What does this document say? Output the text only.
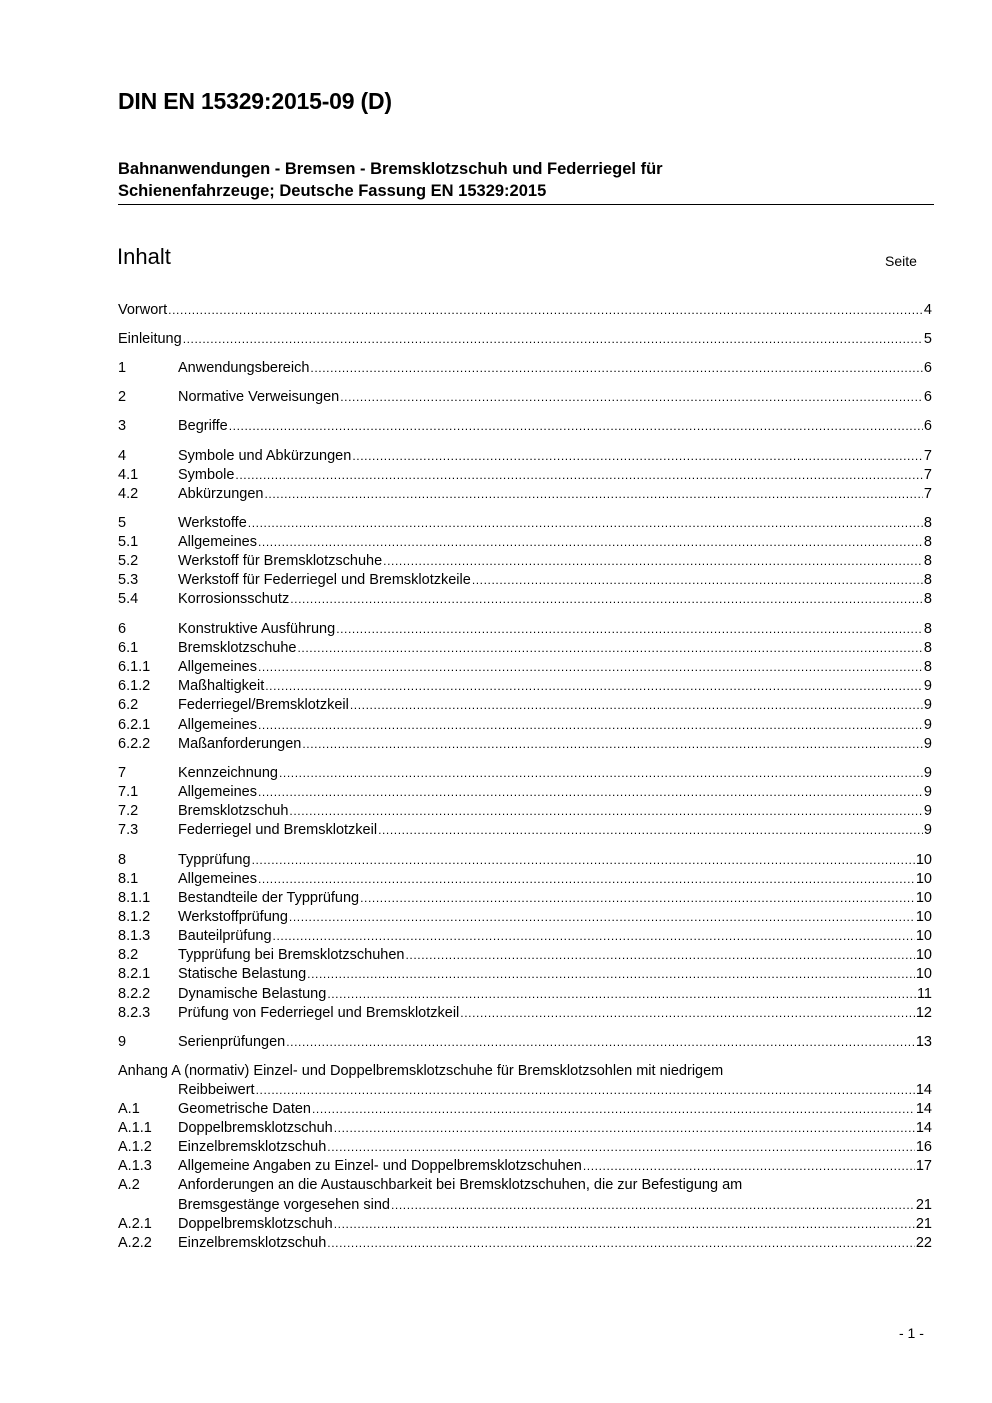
DIN EN 15329:2015-09 (D)
Bahnanwendungen - Bremsen - Bremsklotzschuh und Federriegel für
Schienenfahrzeuge; Deutsche Fassung EN 15329:2015
Inhalt	Seite
Vorwort .....	4
Einleitung .....	5
1	Anwendungsbereich .....	6
2	Normative Verweisungen .....	6
3	Begriffe .....	6
4	Symbole und Abkürzungen .....	7
4.1	Symbole .....	7
4.2	Abkürzungen .....	7
5	Werkstoffe .....	8
5.1	Allgemeines .....	8
5.2	Werkstoff für Bremsklotzschuhe .....	8
5.3	Werkstoff für Federriegel und Bremsklotzkeile .....	8
5.4	Korrosionsschutz .....	8
6	Konstruktive Ausführung .....	8
6.1	Bremsklotzschuhe .....	8
6.1.1	Allgemeines .....	8
6.1.2	Maßhaltigkeit .....	9
6.2	Federriegel/Bremsklotzkeil .....	9
6.2.1	Allgemeines .....	9
6.2.2	Maßanforderungen .....	9
7	Kennzeichnung .....	9
7.1	Allgemeines .....	9
7.2	Bremsklotzschuh .....	9
7.3	Federriegel und Bremsklotzkeil .....	9
8	Typprüfung .....	10
8.1	Allgemeines .....	10
8.1.1	Bestandteile der Typprüfung .....	10
8.1.2	Werkstoffprüfung .....	10
8.1.3	Bauteilprüfung .....	10
8.2	Typprüfung bei Bremsklotzschuhen .....	10
8.2.1	Statische Belastung .....	10
8.2.2	Dynamische Belastung .....	11
8.2.3	Prüfung von Federriegel und Bremsklotzkeil .....	12
9	Serienprüfungen .....	13
Anhang A (normativ) Einzel- und Doppelbremsklotzschuhe für Bremsklotzsohlen mit niedrigem
Reibbeiwert .....	14
A.1	Geometrische Daten .....	14
A.1.1	Doppelbremsklotzschuh .....	14
A.1.2	Einzelbremsklotzschuh .....	16
A.1.3	Allgemeine Angaben zu Einzel- und Doppelbremsklotzschuhen .....	17
A.2	Anforderungen an die Austauschbarkeit bei Bremsklotzschuhen, die zur Befestigung am
Bremsgestänge vorgesehen sind .....	21
A.2.1	Doppelbremsklotzschuh .....	21
A.2.2	Einzelbremsklotzschuh .....	22
- 1 -
